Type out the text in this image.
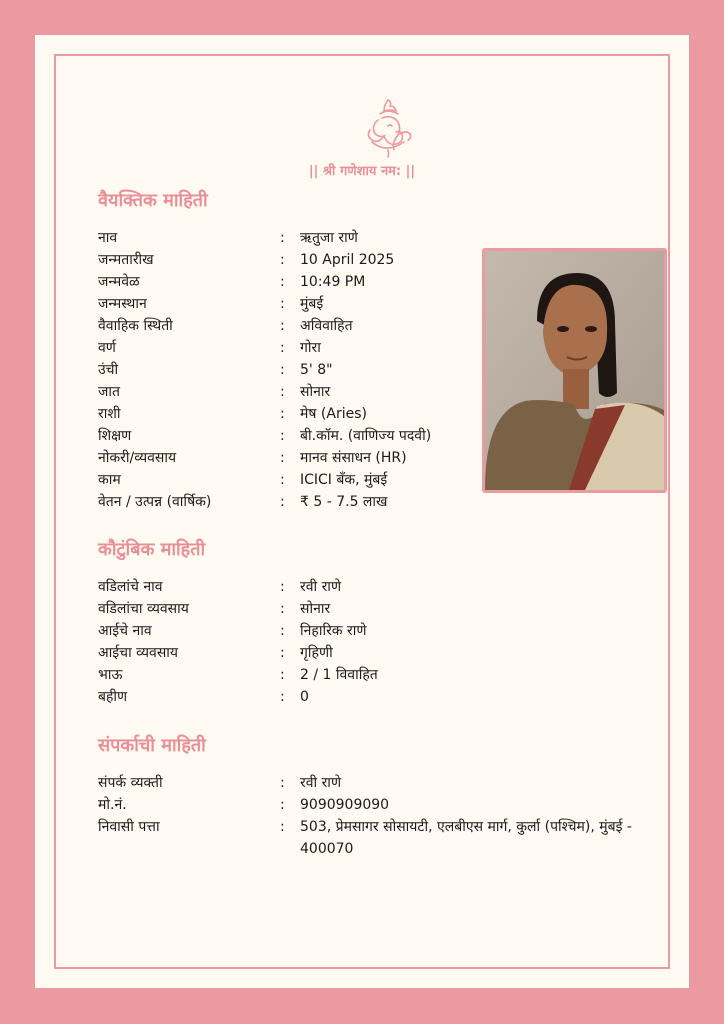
|| श्री गणेशाय नम: ||
वैयक्तिक माहिती
नाव	:	ऋतुजा राणे
जन्मतारीख	:	10 April 2025
जन्मवेळ	:	10:49 PM
जन्मस्थान	:	मुंबई
वैवाहिक स्थिती	:	अविवाहित
वर्ण	:	गोरा
उंची	:	5' 8"
जात	:	सोनार
राशी	:	मेष (Aries)
शिक्षण	:	बी.कॉम. (वाणिज्य पदवी)
नोकरी/व्यवसाय	:	मानव संसाधन (HR)
काम	:	ICICI बँक, मुंबई
वेतन / उत्पन्न (वार्षिक)	:	₹ 5 - 7.5 लाख
कौटुंबिक माहिती
वडिलांचे नाव	:	रवी राणे
वडिलांचा व्यवसाय	:	सोनार
आईचे नाव	:	निहारिक राणे
आईचा व्यवसाय	:	गृहिणी
भाऊ	:	2 / 1 विवाहित
बहीण	:	0
संपर्काची माहिती
संपर्क व्यक्ती	:	रवी राणे
मो.नं.	:	9090909090
निवासी पत्ता	:	503, प्रेमसागर सोसायटी, एलबीएस मार्ग, कुर्ला (पश्चिम), मुंबई - 400070
